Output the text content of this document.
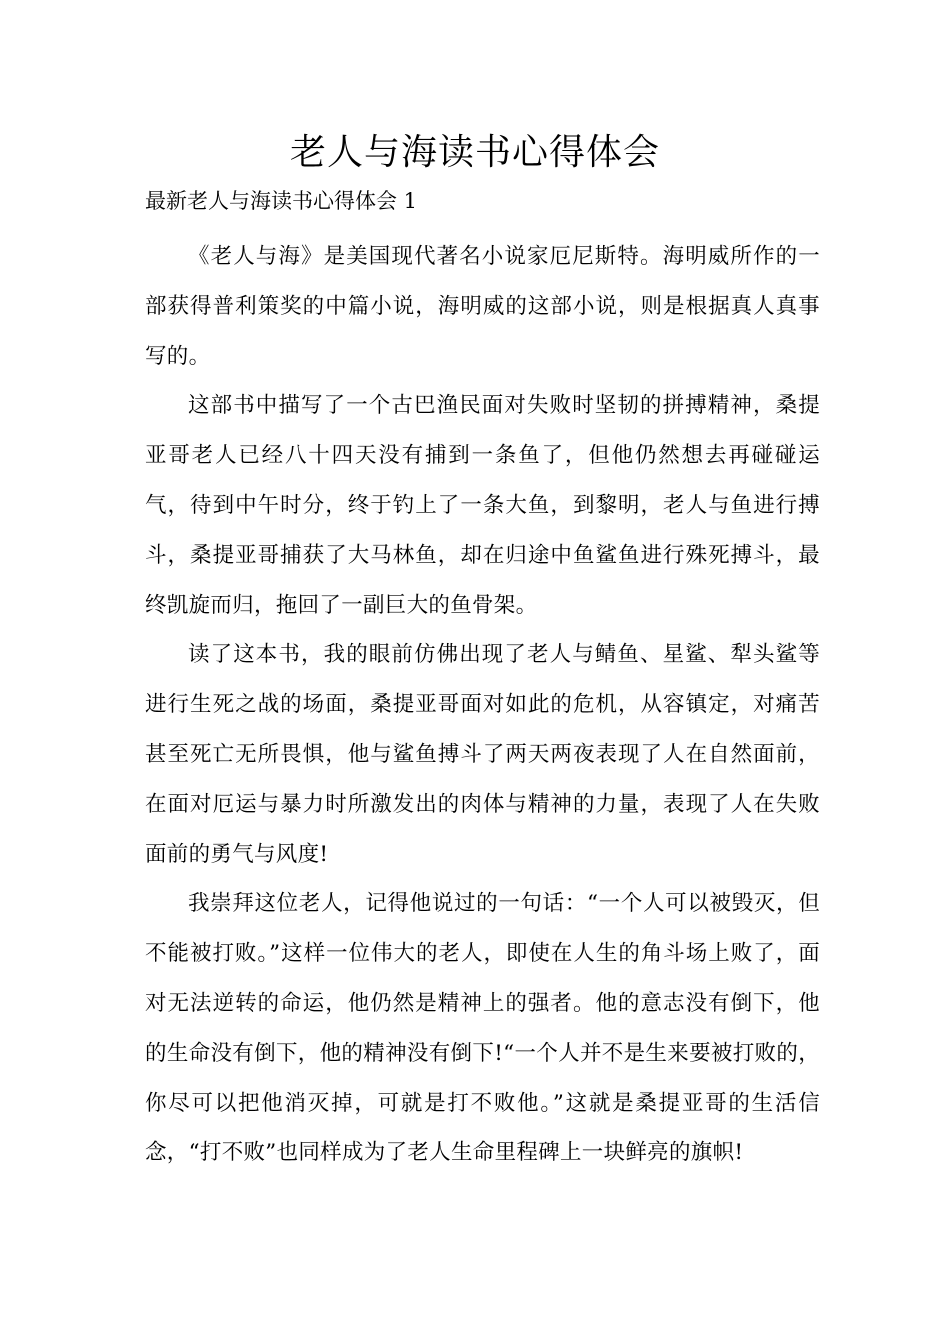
老人与海读书心得体会

最新老人与海读书心得体会 1

《老人与海》是美国现代著名小说家厄尼斯特。海明威所作的一部获得普利策奖的中篇小说，海明威的这部小说，则是根据真人真事写的。

这部书中描写了一个古巴渔民面对失败时坚韧的拼搏精神，桑提亚哥老人已经八十四天没有捕到一条鱼了，但他仍然想去再碰碰运气，待到中午时分，终于钓上了一条大鱼，到黎明，老人与鱼进行搏斗，桑提亚哥捕获了大马林鱼，却在归途中鱼鲨鱼进行殊死搏斗，最终凯旋而归，拖回了一副巨大的鱼骨架。

读了这本书，我的眼前仿佛出现了老人与鲭鱼、星鲨、犁头鲨等进行生死之战的场面，桑提亚哥面对如此的危机，从容镇定，对痛苦甚至死亡无所畏惧，他与鲨鱼搏斗了两天两夜表现了人在自然面前，在面对厄运与暴力时所激发出的肉体与精神的力量，表现了人在失败面前的勇气与风度!

我崇拜这位老人，记得他说过的一句话：“一个人可以被毁灭，但不能被打败。”这样一位伟大的老人，即使在人生的角斗场上败了，面对无法逆转的命运，他仍然是精神上的强者。他的意志没有倒下，他的生命没有倒下，他的精神没有倒下!“一个人并不是生来要被打败的，你尽可以把他消灭掉，可就是打不败他。”这就是桑提亚哥的生活信念，“打不败”也同样成为了老人生命里程碑上一块鲜亮的旗帜!
